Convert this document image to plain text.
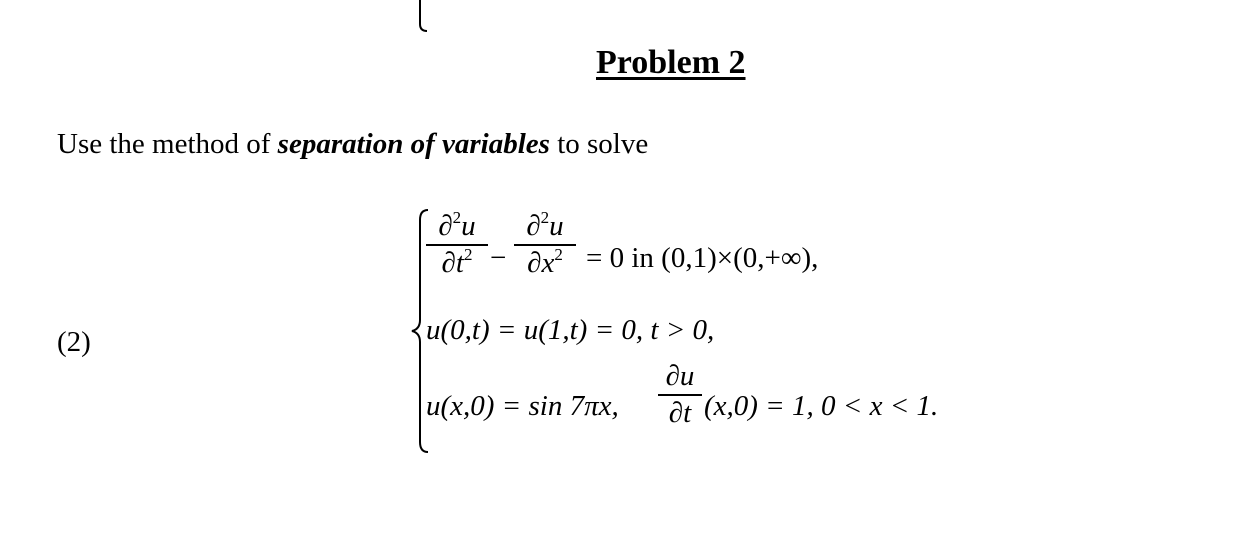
Problem 2
Use the method of separation of variables to solve
(2)
∂$^2$u
$\partial t^2$ −
∂$^2$u
$\partial x^2 = 0$ in (0,1)×(0,+∞),
u(0,t) = u(1,t) = 0, t > 0,
u(x,0) = sin 7πx,
∂u
∂t (x,0) = 1, 0 < x < 1.
